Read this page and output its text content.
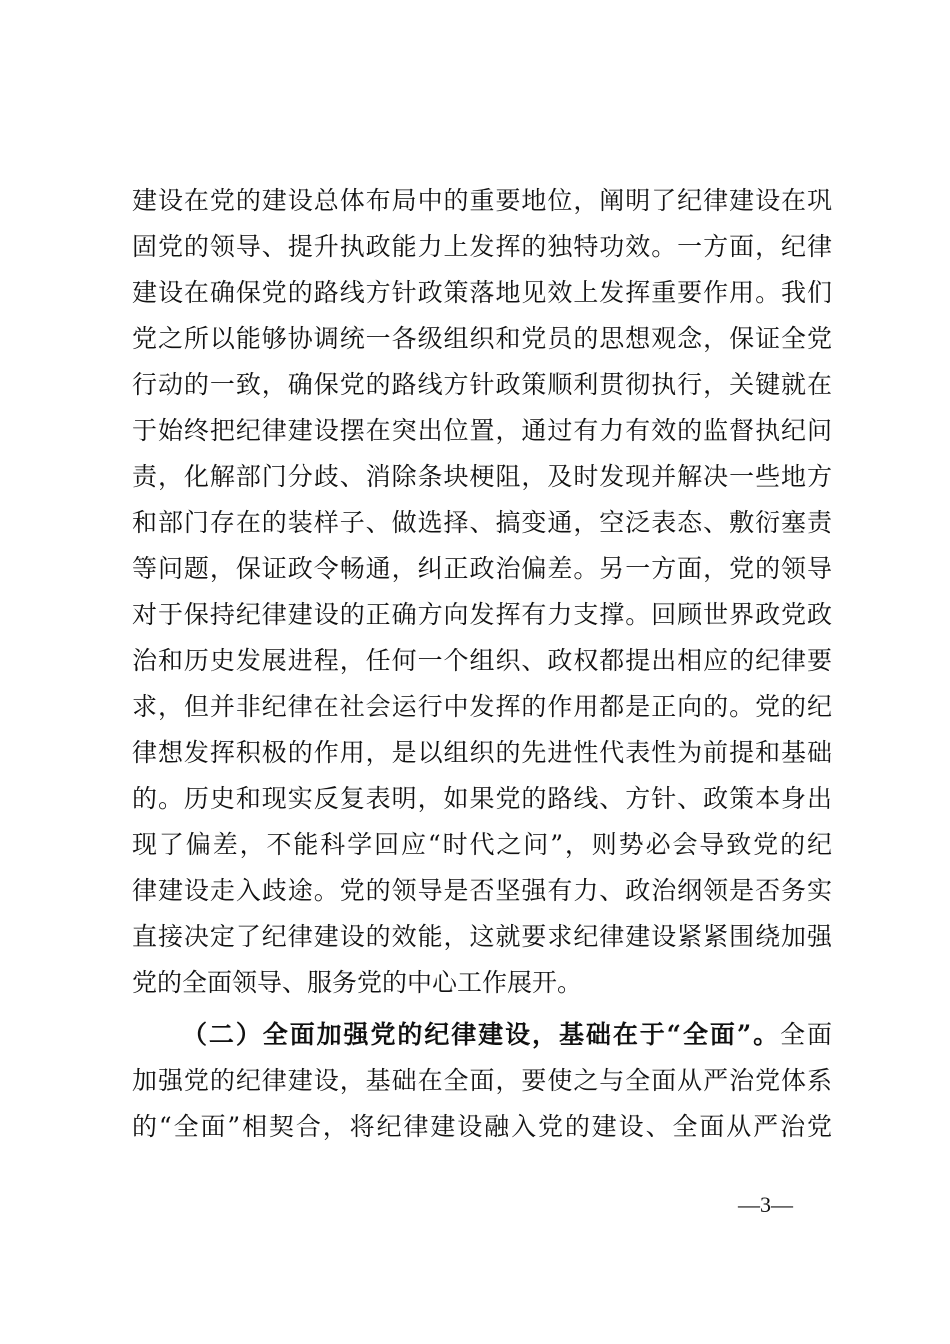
建设在党的建设总体布局中的重要地位，阐明了纪律建设在巩
固党的领导、提升执政能力上发挥的独特功效。一方面，纪律
建设在确保党的路线方针政策落地见效上发挥重要作用。我们
党之所以能够协调统一各级组织和党员的思想观念，保证全党
行动的一致，确保党的路线方针政策顺利贯彻执行，关键就在
于始终把纪律建设摆在突出位置，通过有力有效的监督执纪问
责，化解部门分歧、消除条块梗阻，及时发现并解决一些地方
和部门存在的装样子、做选择、搞变通，空泛表态、敷衍塞责
等问题，保证政令畅通，纠正政治偏差。另一方面，党的领导
对于保持纪律建设的正确方向发挥有力支撑。回顾世界政党政
治和历史发展进程，任何一个组织、政权都提出相应的纪律要
求，但并非纪律在社会运行中发挥的作用都是正向的。党的纪
律想发挥积极的作用，是以组织的先进性代表性为前提和基础
的。历史和现实反复表明，如果党的路线、方针、政策本身出
现了偏差，不能科学回应“时代之问”，则势必会导致党的纪
律建设走入歧途。党的领导是否坚强有力、政治纲领是否务实
直接决定了纪律建设的效能，这就要求纪律建设紧紧围绕加强
党的全面领导、服务党的中心工作展开。
（二）全面加强党的纪律建设，基础在于“全面”。全面
加强党的纪律建设，基础在全面，要使之与全面从严治党体系
的“全面”相契合，将纪律建设融入党的建设、全面从严治党
—3—
